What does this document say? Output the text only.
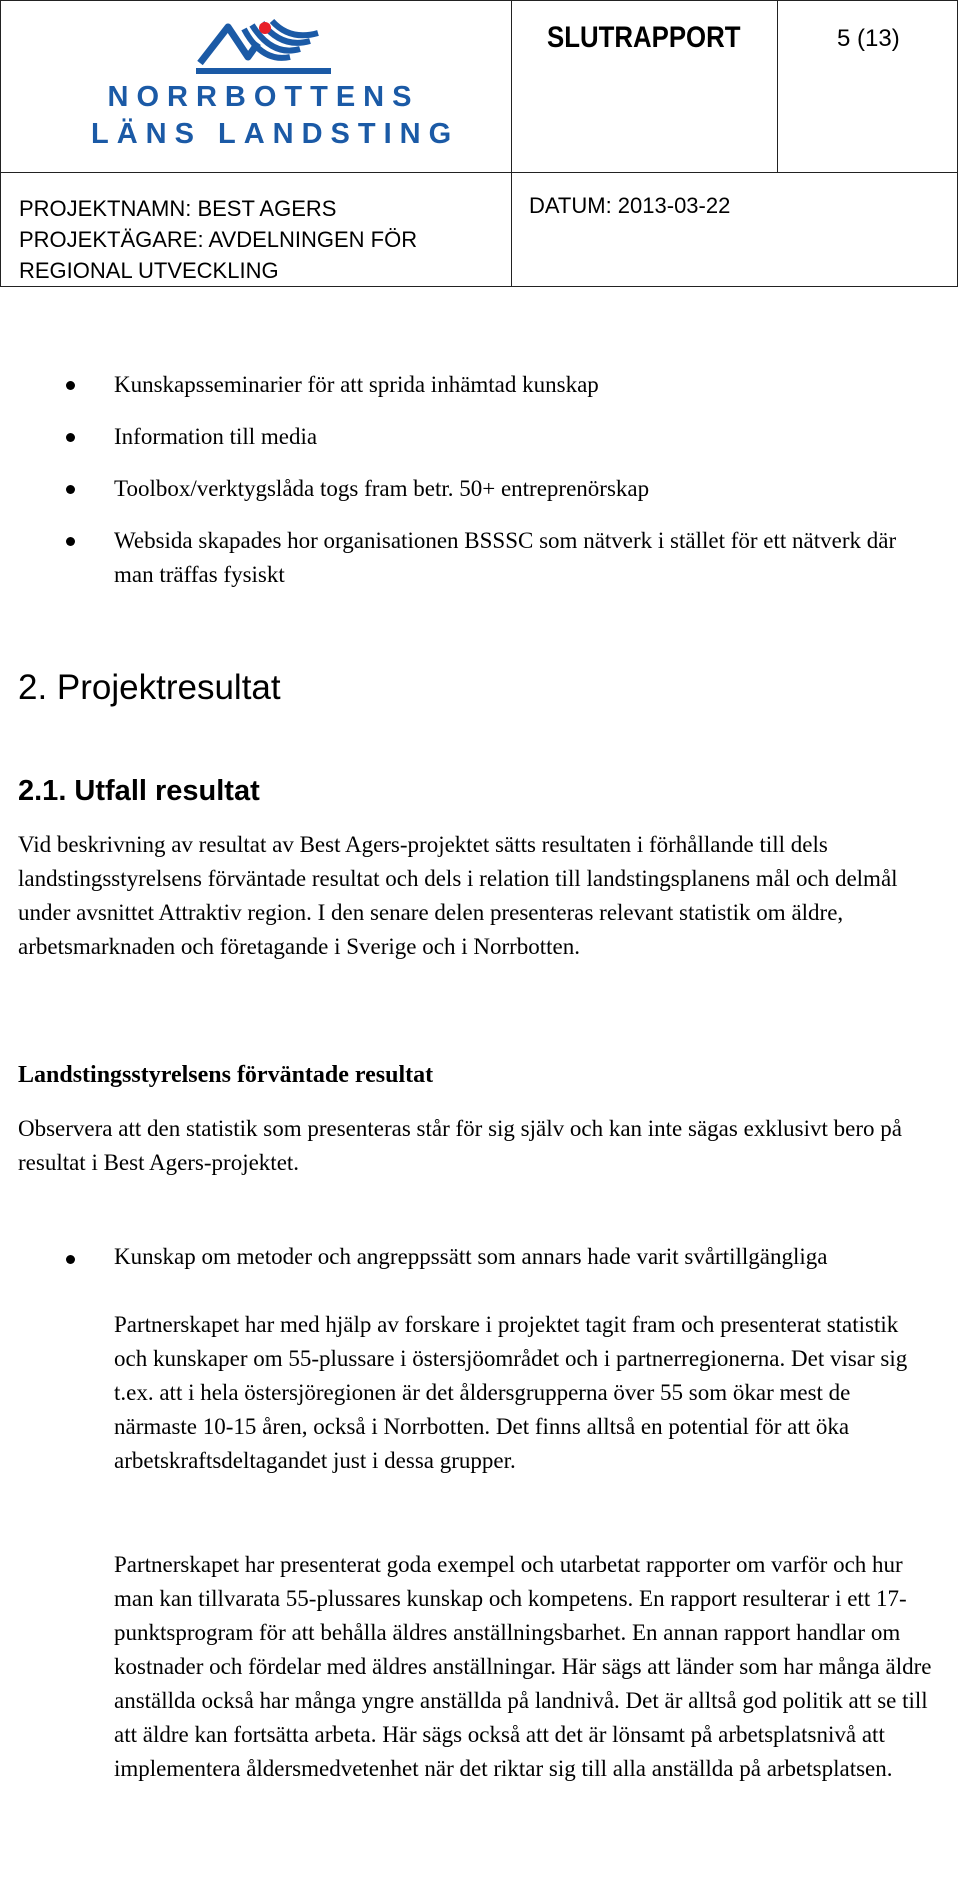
NORRBOTTENS
LÄNS LANDSTING
SLUTRAPPORT	5 (13)
PROJEKTNAMN: BEST AGERS
PROJEKTÄGARE: AVDELNINGEN FÖR
REGIONAL UTVECKLING
DATUM: 2013-03-22
Kunskapsseminarier för att sprida inhämtad kunskap
Information till media
Toolbox/verktygslåda togs fram betr. 50+ entreprenörskap
Websida skapades hor organisationen BSSSC som nätverk i stället för ett nätverk där man träffas fysiskt
2. Projektresultat
2.1. Utfall resultat

Vid beskrivning av resultat av Best Agers-projektet sätts resultaten i förhållande till dels landstingsstyrelsens förväntade resultat och dels i relation till landstingsplanens mål och delmål under avsnittet Attraktiv region. I den senare delen presenteras relevant statistik om äldre, arbetsmarknaden och företagande i Sverige och i Norrbotten.

Landstingsstyrelsens förväntade resultat

Observera att den statistik som presenteras står för sig själv och kan inte sägas exklusivt bero på resultat i Best Agers-projektet.

Kunskap om metoder och angreppssätt som annars hade varit svårtillgängliga

Partnerskapet har med hjälp av forskare i projektet tagit fram och presenterat statistik och kunskaper om 55-plussare i östersjöområdet och i partnerregionerna. Det visar sig t.ex. att i hela östersjöregionen är det åldersgrupperna över 55 som ökar mest de närmaste 10-15 åren, också i Norrbotten. Det finns alltså en potential för att öka arbetskraftsdeltagandet just i dessa grupper.

Partnerskapet har presenterat goda exempel och utarbetat rapporter om varför och hur man kan tillvarata 55-plussares kunskap och kompetens. En rapport resulterar i ett 17-punktsprogram för att behålla äldres anställningsbarhet. En annan rapport handlar om kostnader och fördelar med äldres anställningar. Här sägs att länder som har många äldre anställda också har många yngre anställda på landnivå. Det är alltså god politik att se till att äldre kan fortsätta arbeta. Här sägs också att det är lönsamt på arbetsplatsnivå att implementera åldersmedvetenhet när det riktar sig till alla anställda på arbetsplatsen.
